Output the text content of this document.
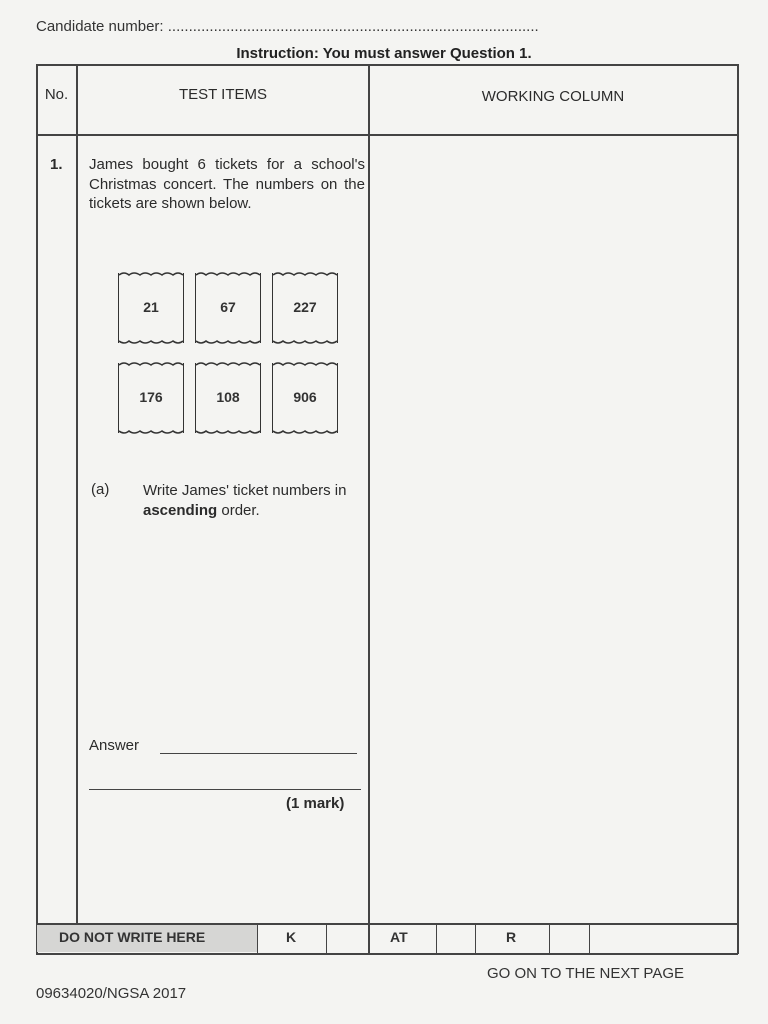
Candidate number: .........................................................................................
Instruction: You must answer Question 1.
No.	TEST ITEMS	WORKING COLUMN
1. James bought 6 tickets for a school's Christmas concert. The numbers on the tickets are shown below.
21	67	227
176	108	906
(a) Write James' ticket numbers in ascending order.
Answer
(1 mark)
DO NOT WRITE HERE	K	AT	R
GO ON TO THE NEXT PAGE
09634020/NGSA 2017
